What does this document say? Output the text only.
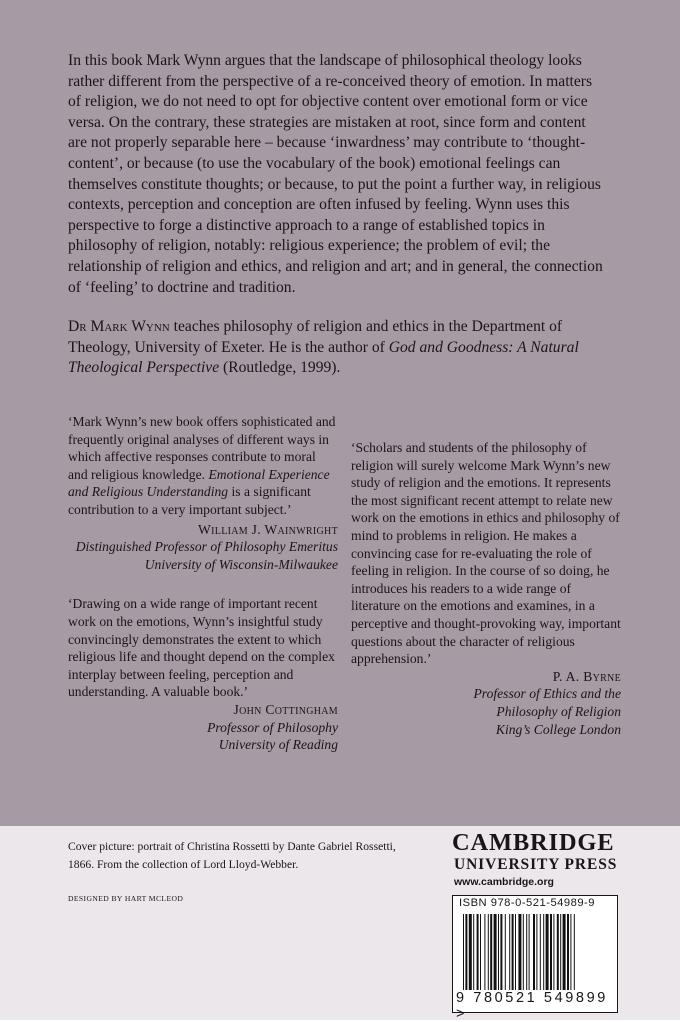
In this book Mark Wynn argues that the landscape of philosophical theology looks rather different from the perspective of a re-conceived theory of emotion. In matters of religion, we do not need to opt for objective content over emotional form or vice versa. On the contrary, these strategies are mistaken at root, since form and content are not properly separable here – because ‘inwardness’ may contribute to ‘thought-content’, or because (to use the vocabulary of the book) emotional feelings can themselves constitute thoughts; or because, to put the point a further way, in religious contexts, perception and conception are often infused by feeling. Wynn uses this perspective to forge a distinctive approach to a range of established topics in philosophy of religion, notably: religious experience; the problem of evil; the relationship of religion and ethics, and religion and art; and in general, the connection of ‘feeling’ to doctrine and tradition.

Dr Mark Wynn teaches philosophy of religion and ethics in the Department of Theology, University of Exeter. He is the author of God and Goodness: A Natural Theological Perspective (Routledge, 1999).

‘Mark Wynn’s new book offers sophisticated and frequently original analyses of different ways in which affective responses contribute to moral and religious knowledge. Emotional Experience and Religious Understanding is a significant contribution to a very important subject.’

William J. Wainwright
Distinguished Professor of Philosophy Emeritus
University of Wisconsin-Milwaukee

‘Drawing on a wide range of important recent work on the emotions, Wynn’s insightful study convincingly demonstrates the extent to which religious life and thought depend on the complex interplay between feeling, perception and understanding. A valuable book.’

John Cottingham
Professor of Philosophy
University of Reading

‘Scholars and students of the philosophy of religion will surely welcome Mark Wynn’s new study of religion and the emotions. It represents the most significant recent attempt to relate new work on the emotions in ethics and philosophy of mind to problems in religion. He makes a convincing case for re-evaluating the role of feeling in religion. In the course of so doing, he introduces his readers to a wide range of literature on the emotions and examines, in a perceptive and thought-provoking way, important questions about the character of religious apprehension.’

P. A. Byrne
Professor of Ethics and the
Philosophy of Religion
King’s College London

Cover picture: portrait of Christina Rossetti by Dante Gabriel Rossetti, 1866. From the collection of Lord Lloyd-Webber.

DESIGNED BY HART MCLEOD

CAMBRIDGE

UNIVERSITY PRESS

www.cambridge.org

ISBN 978-0-521-54989-9

9 780521 549899 >
